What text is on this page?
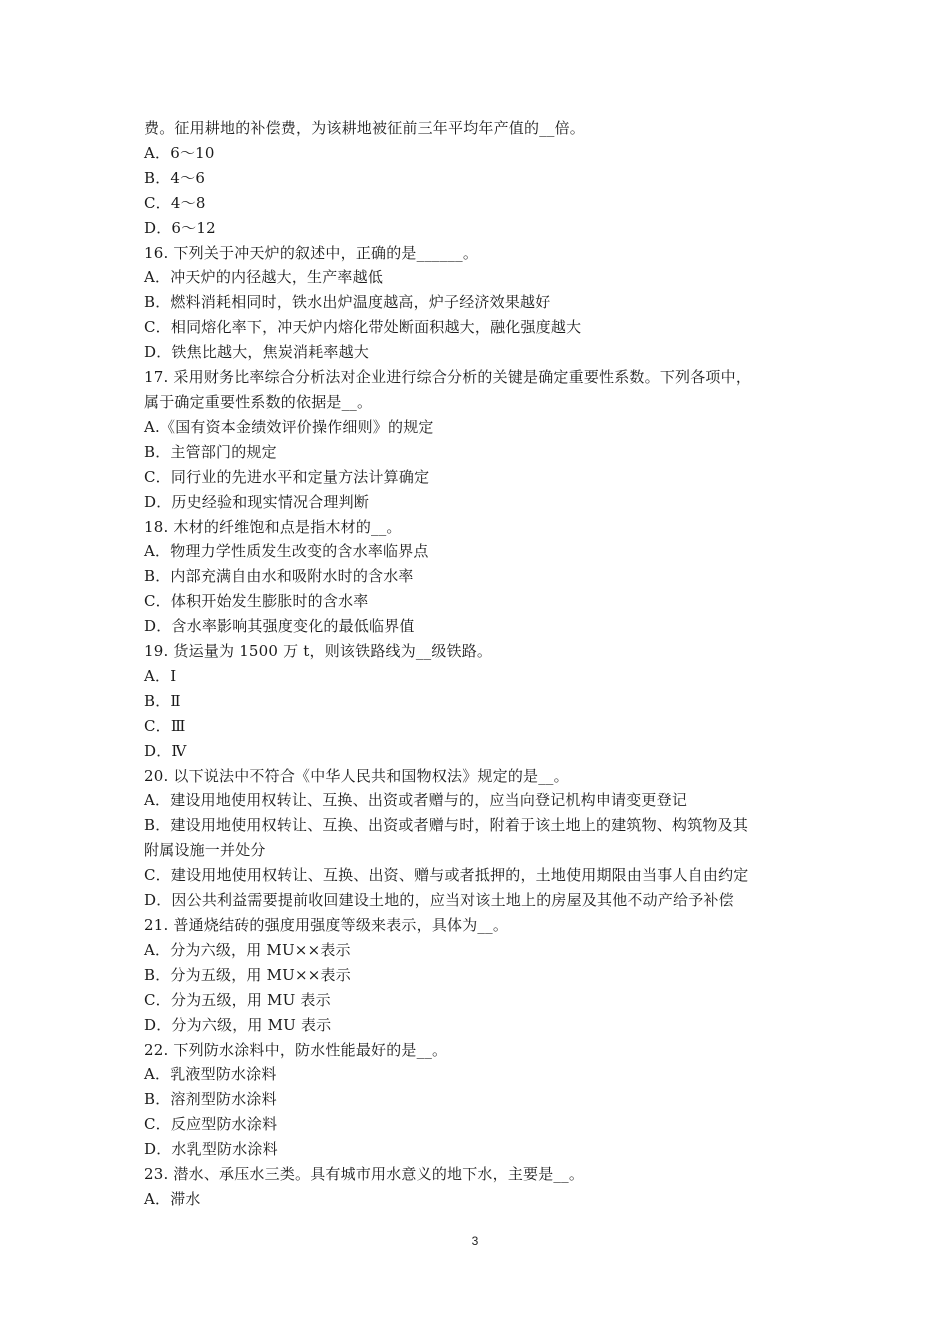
费。征用耕地的补偿费，为该耕地被征前三年平均年产值的__倍。
A．6～10
B．4～6
C．4～8
D．6～12
16. 下列关于冲天炉的叙述中，正确的是______。
A．冲天炉的内径越大，生产率越低
B．燃料消耗相同时，铁水出炉温度越高，炉子经济效果越好
C．相同熔化率下，冲天炉内熔化带处断面积越大，融化强度越大
D．铁焦比越大，焦炭消耗率越大
17. 采用财务比率综合分析法对企业进行综合分析的关键是确定重要性系数。下列各项中，
属于确定重要性系数的依据是__。
A.《国有资本金绩效评价操作细则》的规定
B．主管部门的规定
C．同行业的先进水平和定量方法计算确定
D．历史经验和现实情况合理判断
18. 木材的纤维饱和点是指木材的__。
A．物理力学性质发生改变的含水率临界点
B．内部充满自由水和吸附水时的含水率
C．体积开始发生膨胀时的含水率
D．含水率影响其强度变化的最低临界值
19. 货运量为 1500 万 t，则该铁路线为__级铁路。
A．Ⅰ
B．Ⅱ
C．Ⅲ
D．Ⅳ
20. 以下说法中不符合《中华人民共和国物权法》规定的是__。
A．建设用地使用权转让、互换、出资或者赠与的，应当向登记机构申请变更登记
B．建设用地使用权转让、互换、出资或者赠与时，附着于该土地上的建筑物、构筑物及其
附属设施一并处分
C．建设用地使用权转让、互换、出资、赠与或者抵押的，土地使用期限由当事人自由约定
D．因公共利益需要提前收回建设土地的，应当对该土地上的房屋及其他不动产给予补偿
21. 普通烧结砖的强度用强度等级来表示，具体为__。
A．分为六级，用 MU××表示
B．分为五级，用 MU××表示
C．分为五级，用 MU 表示
D．分为六级，用 MU 表示
22. 下列防水涂料中，防水性能最好的是__。
A．乳液型防水涂料
B．溶剂型防水涂料
C．反应型防水涂料
D．水乳型防水涂料
23. 潜水、承压水三类。具有城市用水意义的地下水，主要是__。
A．滞水
3
